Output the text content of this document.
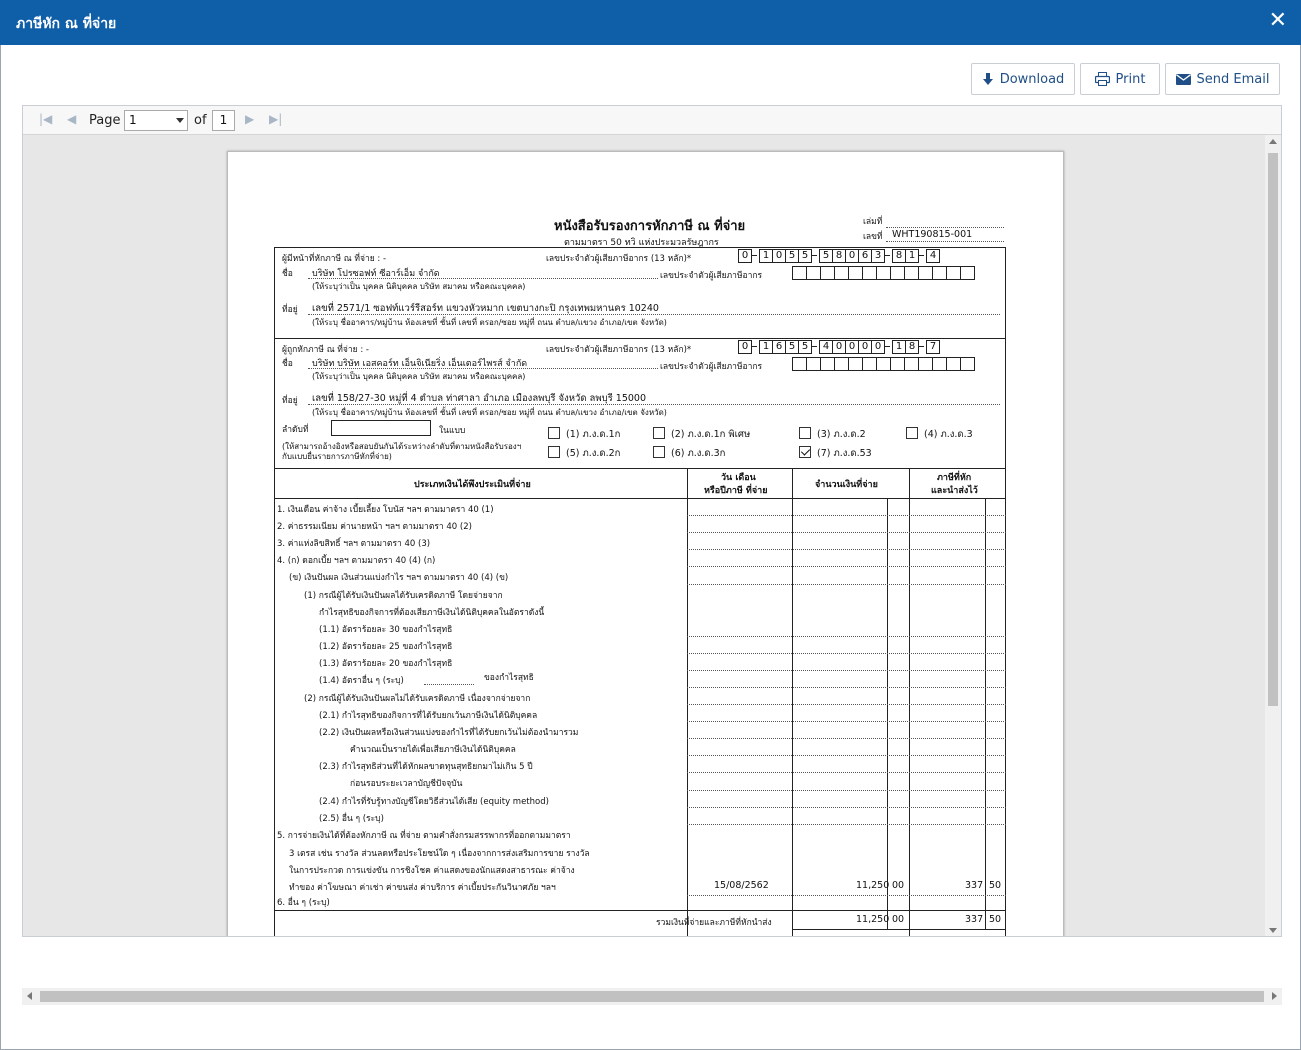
ภาษีหัก ณ ที่จ่าย	✕
Download	Print	Send Email
|◀ ◀ Page 1	of	1	▶ ▶|
หนังสือรับรองการหักภาษี ณ ที่จ่าย
ตามมาตรา 50 ทวิ แห่งประมวลรัษฎากร
เล่มที่
เลขที่ WHT190815-001
ผู้มีหน้าที่หักภาษี ณ ที่จ่าย : -	เลขประจำตัวผู้เสียภาษีอากร (13 หลัก)*	0	1 0 5 5	5 8 0 6 3	8 1	4
ชื่อ บริษัท โปรซอฟท์ ซีอาร์เอ็ม จำกัด	เลขประจำตัวผู้เสียภาษีอากร
(ให้ระบุว่าเป็น บุคคล นิติบุคคล บริษัท สมาคม หรือคณะบุคคล)
ที่อยู่ เลขที่ 2571/1 ซอฟท์แวร์รีสอร์ท แขวงหัวหมาก เขตบางกะปิ กรุงเทพมหานคร 10240
(ให้ระบุ ชื่ออาคาร/หมู่บ้าน ห้องเลขที่ ชั้นที่ เลขที่ ตรอก/ซอย หมู่ที่ ถนน ตำบล/แขวง อำเภอ/เขต จังหวัด)
ผู้ถูกหักภาษี ณ ที่จ่าย : -	เลขประจำตัวผู้เสียภาษีอากร (13 หลัก)*	0	1 6 5 5	4 0 0 0 0	1 8	7
ชื่อ บริษัท บริษัท เอสคอร์ท เอ็นจิเนียริ่ง เอ็นเตอร์ไพรส์ จำกัด	เลขประจำตัวผู้เสียภาษีอากร
(ให้ระบุว่าเป็น บุคคล นิติบุคคล บริษัท สมาคม หรือคณะบุคคล)
ที่อยู่ เลขที่ 158/27-30 หมู่ที่ 4 ตำบล ท่าศาลา อำเภอ เมืองลพบุรี จังหวัด ลพบุรี 15000
(ให้ระบุ ชื่ออาคาร/หมู่บ้าน ห้องเลขที่ ชั้นที่ เลขที่ ตรอก/ซอย หมู่ที่ ถนน ตำบล/แขวง อำเภอ/เขต จังหวัด)
ลำดับที่	ในแบบ
(ให้สามารถอ้างอิงหรือสอบยันกันได้ระหว่างลำดับที่ตามหนังสือรับรองฯ
กับแบบยื่นรายการภาษีหักที่จ่าย)
(1) ภ.ง.ด.1ก	(2) ภ.ง.ด.1ก พิเศษ	(3) ภ.ง.ด.2	(4) ภ.ง.ด.3
(5) ภ.ง.ด.2ก	(6) ภ.ง.ด.3ก	(7) ภ.ง.ด.53
ประเภทเงินได้พึงประเมินที่จ่าย
วัน เดือน
หรือปีภาษี ที่จ่าย
จำนวนเงินที่จ่าย
ภาษีที่หัก
และนำส่งไว้
1. เงินเดือน ค่าจ้าง เบี้ยเลี้ยง โบนัส ฯลฯ ตามมาตรา 40 (1)
2. ค่าธรรมเนียม ค่านายหน้า ฯลฯ ตามมาตรา 40 (2)
3. ค่าแห่งลิขสิทธิ์ ฯลฯ ตามมาตรา 40 (3)
4. (ก) ดอกเบี้ย ฯลฯ ตามมาตรา 40 (4) (ก)
(ข) เงินปันผล เงินส่วนแบ่งกำไร ฯลฯ ตามมาตรา 40 (4) (ข)
(1) กรณีผู้ได้รับเงินปันผลได้รับเครดิตภาษี โดยจ่ายจาก
กำไรสุทธิของกิจการที่ต้องเสียภาษีเงินได้นิติบุคคลในอัตราดังนี้
(1.1) อัตราร้อยละ 30 ของกำไรสุทธิ
(1.2) อัตราร้อยละ 25 ของกำไรสุทธิ
(1.3) อัตราร้อยละ 20 ของกำไรสุทธิ
(1.4) อัตราอื่น ๆ (ระบุ)
(2) กรณีผู้ได้รับเงินปันผลไม่ได้รับเครดิตภาษี เนื่องจากจ่ายจาก
(2.1) กำไรสุทธิของกิจการที่ได้รับยกเว้นภาษีเงินได้นิติบุคคล
(2.2) เงินปันผลหรือเงินส่วนแบ่งของกำไรที่ได้รับยกเว้นไม่ต้องนำมารวม
คำนวณเป็นรายได้เพื่อเสียภาษีเงินได้นิติบุคคล
(2.3) กำไรสุทธิส่วนที่ได้หักผลขาดทุนสุทธิยกมาไม่เกิน 5 ปี
ก่อนรอบระยะเวลาบัญชีปัจจุบัน
(2.4) กำไรที่รับรู้ทางบัญชีโดยวิธีส่วนได้เสีย (equity method)
(2.5) อื่น ๆ (ระบุ)
5. การจ่ายเงินได้ที่ต้องหักภาษี ณ ที่จ่าย ตามคำสั่งกรมสรรพากรที่ออกตามมาตรา
3 เตรส เช่น รางวัล ส่วนลดหรือประโยชน์ใด ๆ เนื่องจากการส่งเสริมการขาย รางวัล
ในการประกวด การแข่งขัน การชิงโชค ค่าแสดงของนักแสดงสาธารณะ ค่าจ้าง
ทำของ ค่าโฆษณา ค่าเช่า ค่าขนส่ง ค่าบริการ ค่าเบี้ยประกันวินาศภัย ฯลฯ
6. อื่น ๆ (ระบุ)
ของกำไรสุทธิ
15/08/2562	11,250 00	337 50
รวมเงินที่จ่ายและภาษีที่หักนำส่ง	11,250 00	337 50
